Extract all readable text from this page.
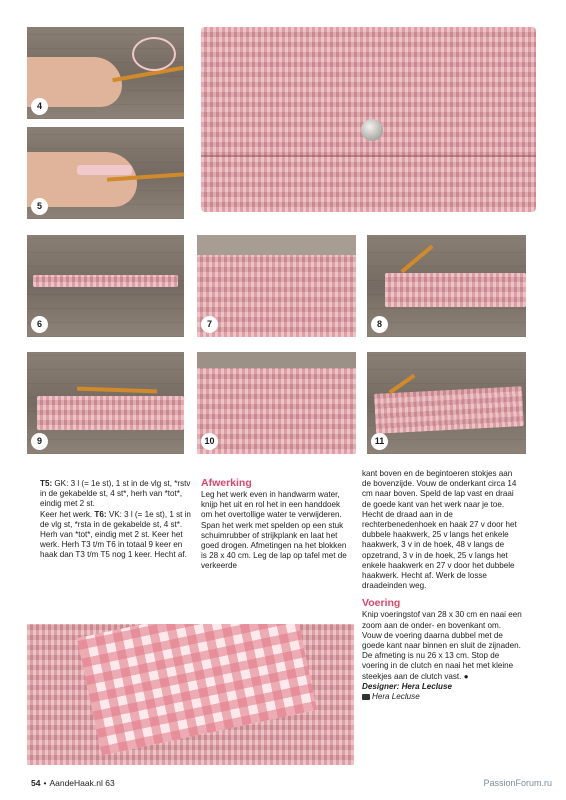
4
5
6	7	8
9	10	11

T5: GK: 3 l (= 1e st), 1 st in de vlg st, *rstv in de gekabelde st, 4 st*, herh van *tot*, eindig met 2 st.

Keer het werk. T6: VK: 3 l (= 1e st), 1 st in de vlg st, *rsta in de gekabelde st, 4 st*. Herh van *tot*, eindig met 2 st. Keer het werk. Herh T3 t/m T6 in totaal 9 keer en haak dan T3 t/m T5 nog 1 keer. Hecht af.

Afwerking

Leg het werk even in handwarm water, knijp het uit en rol het in een handdoek om het overtollige water te verwijderen. Span het werk met spelden op een stuk schuimrubber of strijkplank en laat het goed drogen. Afmetingen na het blokken is 28 x 40 cm. Leg de lap op tafel met de verkeerde

kant boven en de begintoeren stokjes aan de bovenzijde. Vouw de onderkant circa 14 cm naar boven. Speld de lap vast en draai de goede kant van het werk naar je toe.

Hecht de draad aan in de rechterbenedenhoek en haak 27 v door het dubbele haakwerk, 25 v langs het enkele haakwerk, 3 v in de hoek, 48 v langs de opzetrand, 3 v in de hoek, 25 v langs het enkele haakwerk en 27 v door het dubbele haakwerk. Hecht af. Werk de losse draadeinden weg.

Voering

Knip voeringstof van 28 x 30 cm en naai een zoom aan de onder- en bovenkant om. Vouw de voering daarna dubbel met de goede kant naar binnen en sluit de zijnaden. De afmeting is nu 26 x 13 cm. Stop de voering in de clutch en naai het met kleine steekjes aan de clutch vast. ●

Designer: Hera Lecluse

Hera Lecluse

54 • AandeHaak.nl 63	PassionForum.ru
